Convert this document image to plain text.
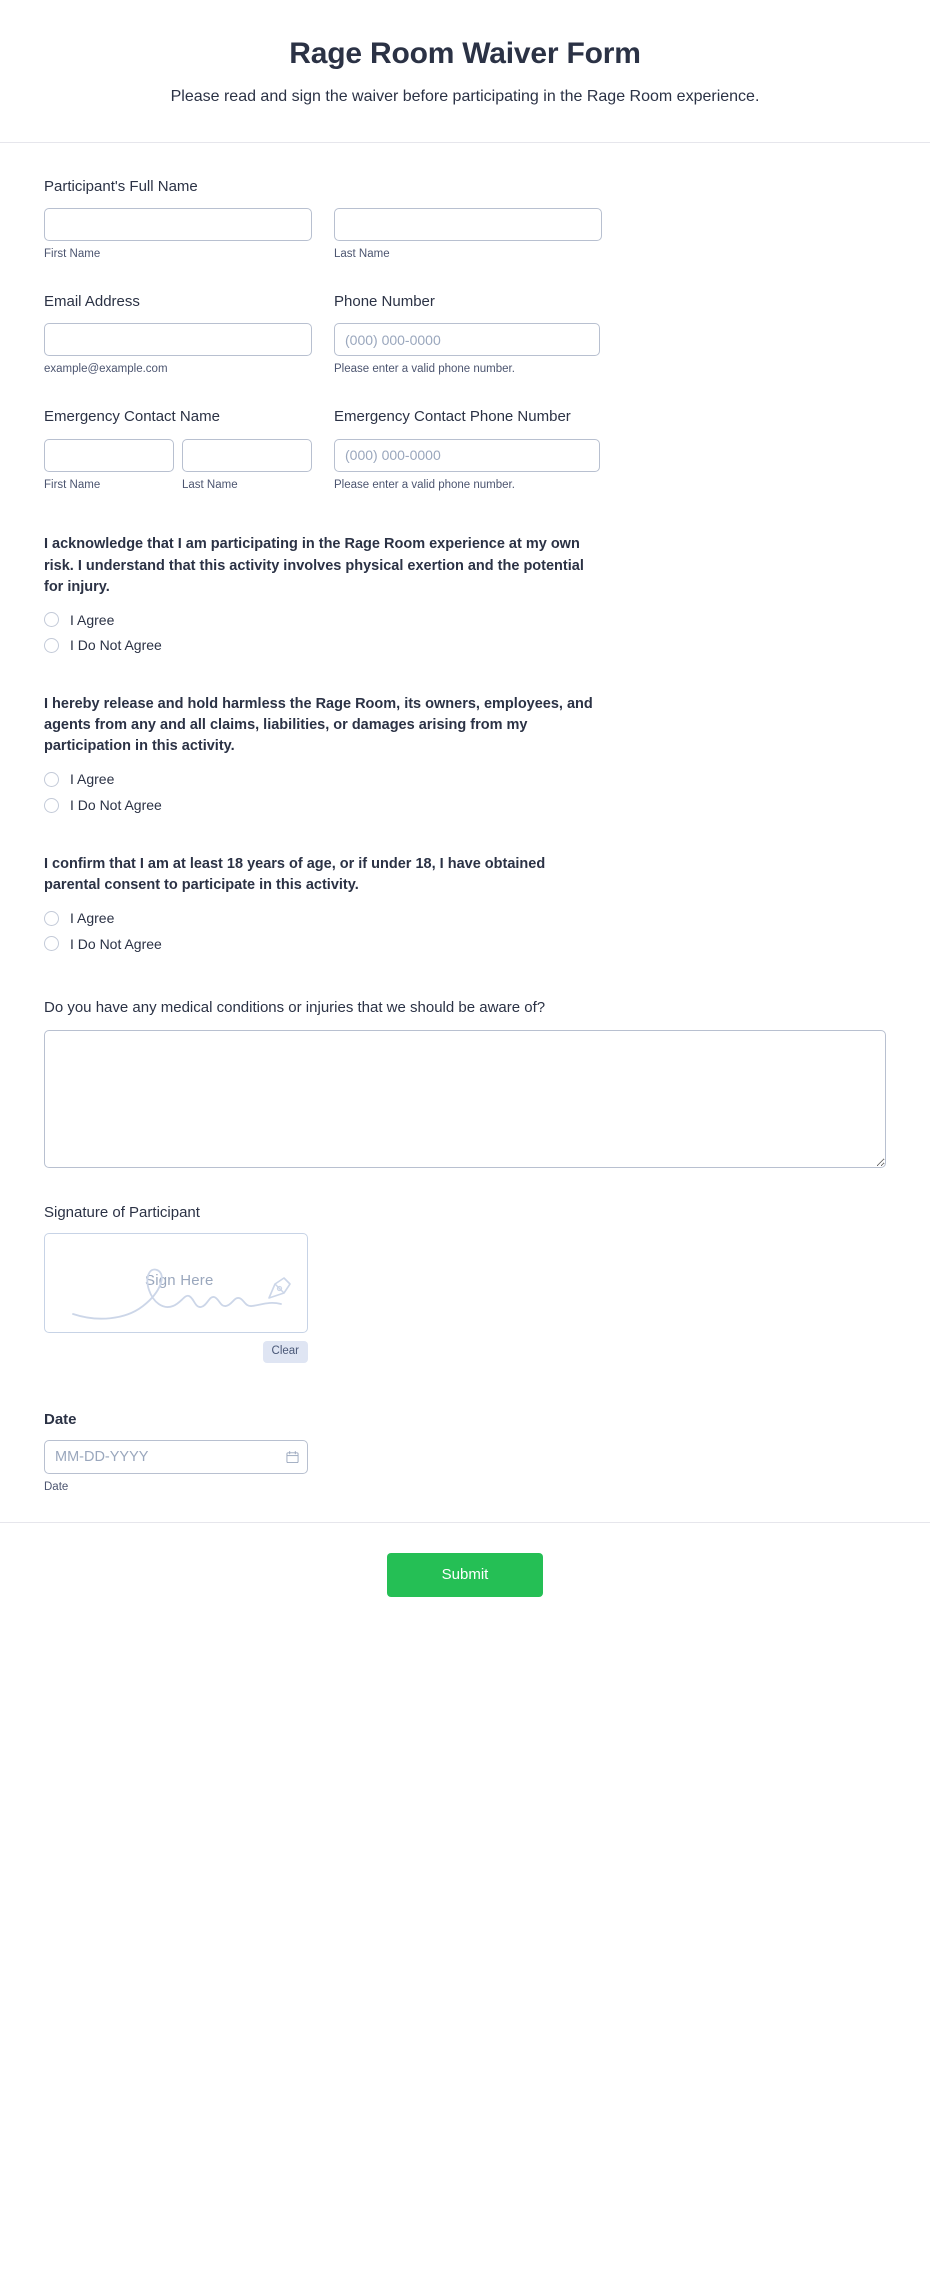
Rage Room Waiver Form

Please read and sign the waiver before participating in the Rage Room experience.

Participant's Full Name
First Name	Last Name
Email Address
example@example.com
Phone Number
(000) 000-0000
Please enter a valid phone number.
Emergency Contact Name
First Name	Last Name
Emergency Contact Phone Number
(000) 000-0000
Please enter a valid phone number.
I acknowledge that I am participating in the Rage Room experience at my own risk. I understand that this activity involves physical exertion and the potential for injury.
I Agree
I Do Not Agree
I hereby release and hold harmless the Rage Room, its owners, employees, and agents from any and all claims, liabilities, or damages arising from my participation in this activity.
I Agree
I Do Not Agree
I confirm that I am at least 18 years of age, or if under 18, I have obtained parental consent to participate in this activity.
I Agree
I Do Not Agree
Do you have any medical conditions or injuries that we should be aware of?
Signature of Participant
Sign Here
Clear
Date
MM-DD-YYYY
Date
Submit
